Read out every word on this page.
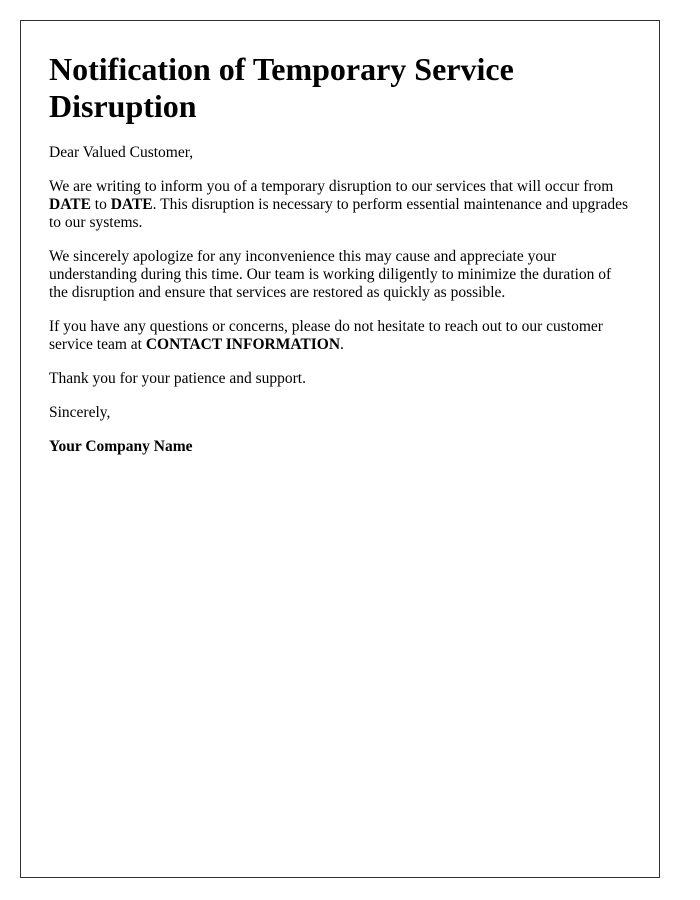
Notification of Temporary Service Disruption

Dear Valued Customer,

We are writing to inform you of a temporary disruption to our services that will occur from DATE to DATE. This disruption is necessary to perform essential maintenance and upgrades to our systems.

We sincerely apologize for any inconvenience this may cause and appreciate your understanding during this time. Our team is working diligently to minimize the duration of the disruption and ensure that services are restored as quickly as possible.

If you have any questions or concerns, please do not hesitate to reach out to our customer service team at CONTACT INFORMATION.

Thank you for your patience and support.

Sincerely,

Your Company Name
